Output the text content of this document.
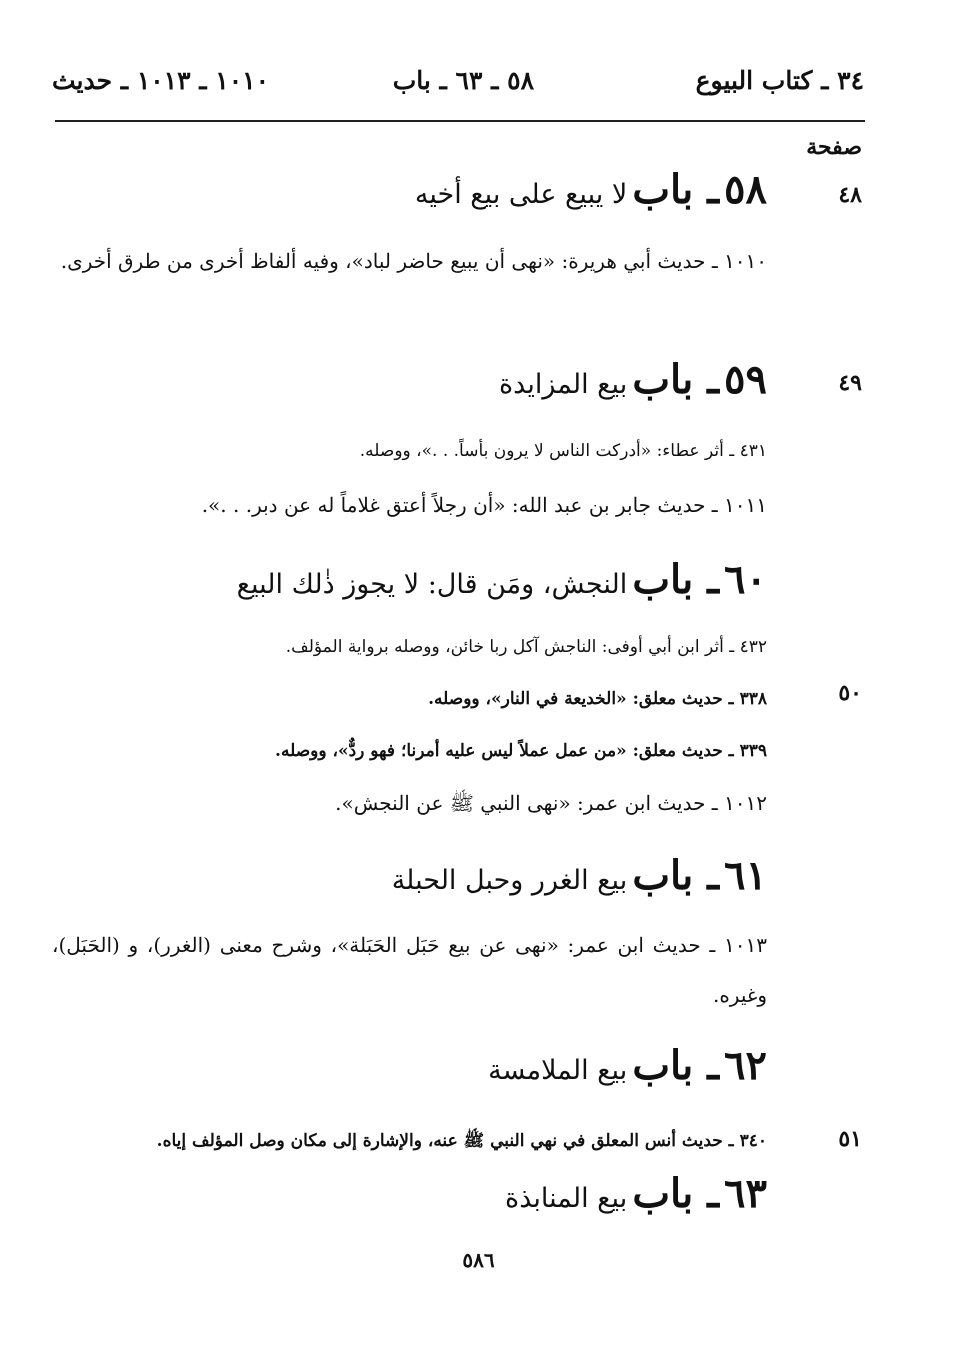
٣٤ ـ كتاب البيوع
٥٨ ـ ٦٣ ـ باب
١٠١٠ ـ ١٠١٣ ـ حديث
صفحة
٤٨
٥٨ ـ باب لا يبيع على بيع أخيه
١٠١٠ ـ حديث أبي هريرة: «نهى أن يبيع حاضر لباد»، وفيه ألفاظ أخرى من طرق أخرى.
٤٩
٥٩ ـ باب بيع المزايدة
٤٣١ ـ أثر عطاء: «أدركت الناس لا يرون بأساً. . .»، ووصله.
١٠١١ ـ حديث جابر بن عبد الله: «أن رجلاً أعتق غلاماً له عن دبر. . .».
٦٠ ـ باب النجش، ومَن قال: لا يجوز ذٰلك البيع
٤٣٢ ـ أثر ابن أبي أوفى: الناجش آكل ربا خائن، ووصله برواية المؤلف.
٥٠
٣٣٨ ـ حديث معلق: «الخديعة في النار»، ووصله.
٣٣٩ ـ حديث معلق: «من عمل عملاً ليس عليه أمرنا؛ فهو ردٌّ»، ووصله.
١٠١٢ ـ حديث ابن عمر: «نهى النبي ﷺ عن النجش».
٦١ ـ باب بيع الغرر وحبل الحبلة
١٠١٣ ـ حديث ابن عمر: «نهى عن بيع حَبَل الحَبَلة»، وشرح معنى (الغرر)، و (الحَبَل)، وغيره.
٦٢ ـ باب بيع الملامسة
٥١
٣٤٠ ـ حديث أنس المعلق في نهي النبي ﷺ عنه، والإشارة إلى مكان وصل المؤلف إياه.
٦٣ ـ باب بيع المنابذة
٥٨٦
